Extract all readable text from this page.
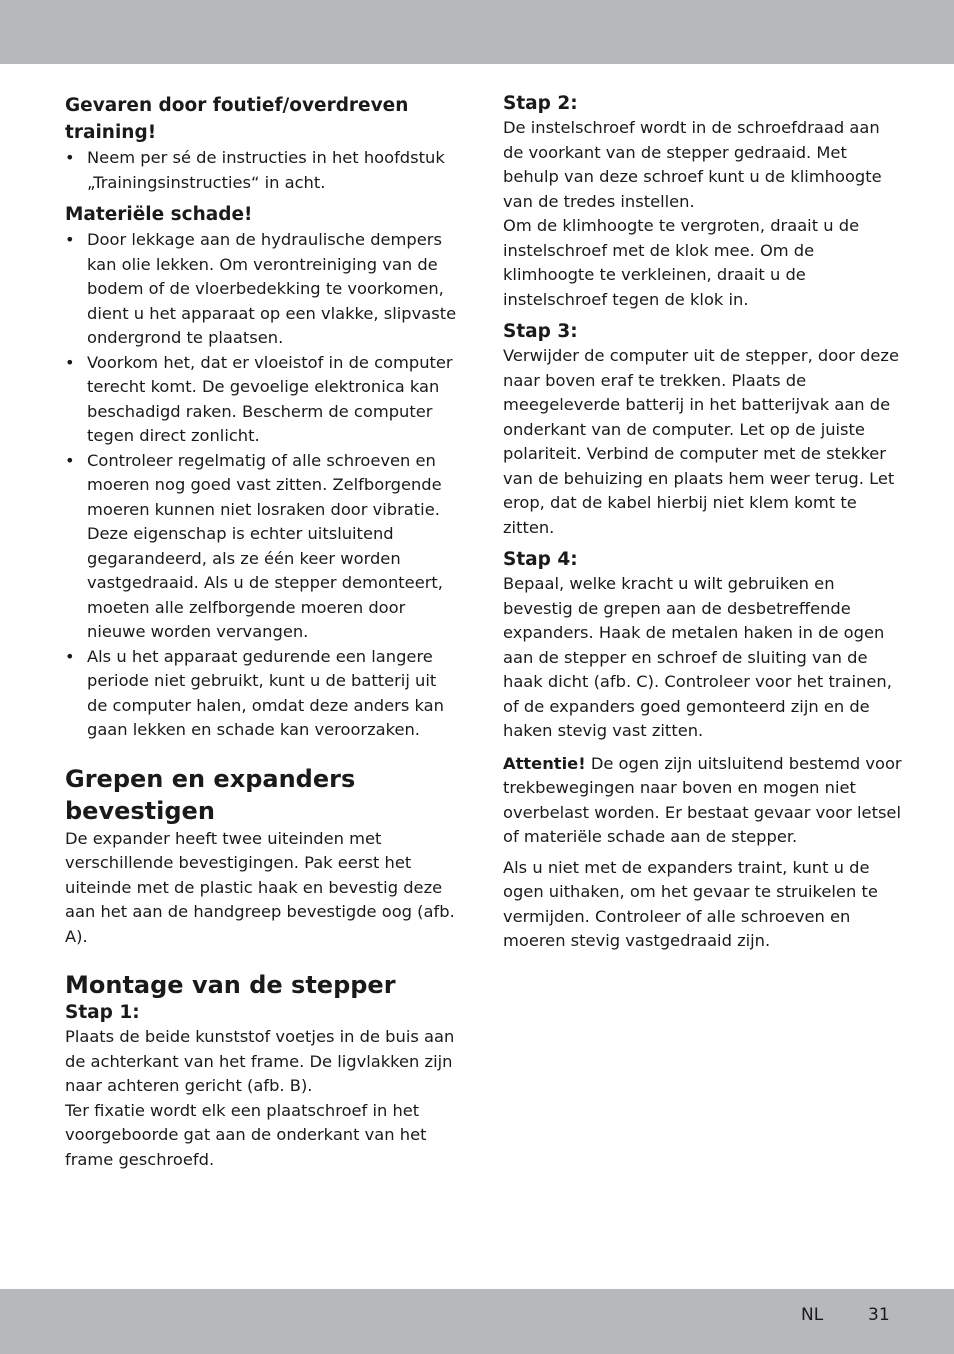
Gevaren door foutief/overdreven training!
• Neem per sé de instructies in het hoofdstuk „Trainingsinstructies“ in acht.
Materiële schade!
• Door lekkage aan de hydraulische dempers kan olie lekken. Om verontreiniging van de bodem of de vloerbedekking te voorkomen, dient u het apparaat op een vlakke, slipvaste ondergrond te plaatsen.
• Voorkom het, dat er vloeistof in de computer terecht komt. De gevoelige elektronica kan beschadigd raken. Bescherm de computer tegen direct zonlicht.
• Controleer regelmatig of alle schroeven en moeren nog goed vast zitten. Zelfborgende moeren kunnen niet losraken door vibratie. Deze eigenschap is echter uitsluitend gegarandeerd, als ze één keer worden vastgedraaid. Als u de stepper demonteert, moeten alle zelfborgende moeren door nieuwe worden vervangen.
• Als u het apparaat gedurende een langere periode niet gebruikt, kunt u de batterij uit de computer halen, omdat deze anders kan gaan lekken en schade kan veroorzaken.
Grepen en expanders bevestigen

De expander heeft twee uiteinden met verschillende bevestigingen. Pak eerst het uiteinde met de plastic haak en bevestig deze aan het aan de handgreep bevestigde oog (afb. A).

Montage van de stepper
Stap 1:

Plaats de beide kunststof voetjes in de buis aan de achterkant van het frame. De ligvlakken zijn naar achteren gericht (afb. B).

Ter fixatie wordt elk een plaatschroef in het voorgeboorde gat aan de onderkant van het frame geschroefd.

Stap 2:

De instelschroef wordt in de schroefdraad aan de voorkant van de stepper gedraaid. Met behulp van deze schroef kunt u de klimhoogte van de tredes instellen.

Om de klimhoogte te vergroten, draait u de instelschroef met de klok mee. Om de klimhoogte te verkleinen, draait u de instelschroef tegen de klok in.

Stap 3:

Verwijder de computer uit de stepper, door deze naar boven eraf te trekken. Plaats de meegeleverde batterij in het batterijvak aan de onderkant van de computer. Let op de juiste polariteit. Verbind de computer met de stekker van de behuizing en plaats hem weer terug. Let erop, dat de kabel hierbij niet klem komt te zitten.

Stap 4:

Bepaal, welke kracht u wilt gebruiken en bevestig de grepen aan de desbetreffende expanders. Haak de metalen haken in de ogen aan de stepper en schroef de sluiting van de haak dicht (afb. C). Controleer voor het trainen, of de expanders goed gemonteerd zijn en de haken stevig vast zitten.

Attentie! De ogen zijn uitsluitend bestemd voor trekbewegingen naar boven en mogen niet overbelast worden. Er bestaat gevaar voor letsel of materiële schade aan de stepper.

Als u niet met de expanders traint, kunt u de ogen uithaken, om het gevaar te struikelen te vermijden. Controleer of alle schroeven en moeren stevig vastgedraaid zijn.

NL	31
